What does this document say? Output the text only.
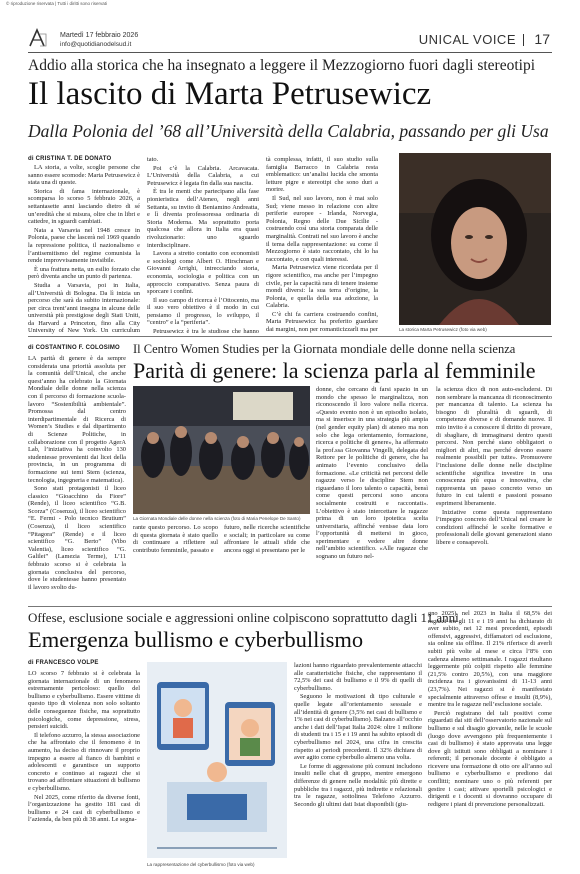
© riproduzione riservata | Tutti i diritti sono riservati
Martedì 17 febbraio 2026
info@quotidianodelsud.it	UNICAL VOICE 17
Addio alla storica che ha insegnato a leggere il Mezzogiorno fuori dagli stereotipi
Il lascito di Marta Petrusewicz
Dalla Polonia del ’68 all’Università della Calabria, passando per gli Usa
di CRISTINA T. DE DONATO

LA storia, a volte, scoglie persone che sanno essere scomode: Marta Petrusewicz è stata una di queste.

Storica di fama internazionale, è scomparsa lo scorso 5 febbraio 2026, a settantasette anni lasciando dietro di sé un’eredità che si misura, oltre che in libri e cattedre, in sguardi cambiati.

Nata a Varsavia nel 1948 cresce in Polonia, paese che lascerà nel 1969 quando la repressione politica, il nazionalismo e l’antisemitismo del regime comunista la rende improvvisamente invisibile.

È una frattura netta, un esilio forzato che però diventa anche un punto di partenza.

Studia a Varsavia, poi in Italia, all’Università di Bologna. Da lì inizia un percorso che sarà da subito internazionale: per circa trent’anni insegna in alcune delle università più prestigiose degli Stati Uniti, da Harvard a Princeton, fino alla City University of New York. Un curriculum

tato.

Poi c’è la Calabria. Arcavacata. L’Università della Calabria, a cui Petrusewicz è legata fin dalla sua nascita.

È tra le menti che partecipano alla fase pionieristica dell’Ateneo, negli anni Settanta, su invito di Beniamino Andreatta, e lì diventa professoressa ordinaria di Storia Moderna. Ma soprattutto porta qualcosa che allora in Italia era quasi rivoluzionario: uno sguardo interdisciplinare.

Lavora a stretto contatto con economisti e sociologi come Albert O. Hirschman e Giovanni Arrighi, intrecciando storia, economia, sociologia e politica con un approccio comparativo. Senza paura di sporcare i confini.

Il suo campo di ricerca è l’Ottocento, ma il suo vero obiettivo è il modo in cui pensiamo il progresso, lo sviluppo, il “centro” e la “periferia”.

Petrusewicz è tra le studiose che hanno

tà complessa, infatti, il suo studio sulla famiglia Barracco in Calabria resta emblematico: un’analisi lucida che smonta letture pigre e stereotipi che sono duri a morire.

Il Sud, nel suo lavoro, non è mai solo Sud; viene messo in relazione con altre periferie europee - Irlanda, Norvegia, Polonia, Regno delle Due Sicilie - costruendo così una storia comparata delle marginalità. Contrati nel suo lavoro è anche il tema della rappresentazione: su come il Mezzogiorno è stato raccontato, chi lo ha raccontato, e con quali interessi.

Marta Petrusewicz viene ricordata per il rigore scientifico, ma anche per l’impegno civile, per la capacità rara di tenere insieme mondi diversi: la sua terra d’origine, la Polonia, e quella della sua adozione, la Calabria.

C’è chi fa carriera costruendo confini, Marta Petrusewicz ha preferito guardare dai margini, non per romanticizzarli ma per	La storica Marta Petrusewicz (foto via web)
di COSTANTINO F. COLOSIMO Il Centro Women Studies per la Giornata mondiale delle donne nella scienza
Parità di genere: la scienza parla al femminile

LA parità di genere è da sempre considerata una priorità assoluta per la comunità dell’Unical, che anche quest’anno ha celebrato la Giornata Mondiale delle donne nella scienza con il percorso di formazione scuola-lavoro “Sostenibilità ambientale”. Promossa dal centro interdipartimentale di Ricerca di Women’s Studies e dal dipartimento di Scienze Politiche, in collaborazione con il progetto AgerA Lab, l’iniziativa ha coinvolto 130 studentesse provenienti dai licei della provincia, in un programma di formazione sui temi Stem (scienza, tecnologia, ingegneria e matematica).

Sono stati protagonisti il liceo classico “Gioacchino da Fiore” (Rende), il liceo scientifico “G.B. Scorza” (Cosenza), il liceo scientifico “E. Fermi - Polo tecnico Brutium” (Cosenza), il liceo scientifico “Pitagora” (Rende) e il liceo scientifico “G. Berto” (Vibo Valentia), liceo scientifico “G. Galilei” (Lamezia Terme), L’11 febbraio scorso si è celebrata la giornata conclusiva del percorso, dove le studentesse hanno presentato il lavoro svolto du-

La Giornata Mondiale delle donne nella scienza (foto di Maria Penelope De Santo)

rante questo percorso. Lo scopo di questa giornata è stato quello di continuare a riflettere sul contributo femminile, passato e

futuro, nelle ricerche scientifiche e sociali; in particolare su come affrontare le attuali sfide che ancora oggi si presentano per le

donne, che cercano di farsi spazio in un mondo che spesso le marginalizza, non riconoscendo il loro valore nella ricerca. «Questo evento non è un episodio isolato, ma si inserisce in una strategia più ampia (nel gender equity plan) di ateneo ma non solo che lega orientamento, formazione, ricerca e politiche di genere», ha affermato la prof.ssa Giovanna Vingelli, delegata del Rettore per le politiche di genere, che ha animato l’evento conclusivo della formazione. «Le criticità nei percorsi delle ragazze verso le discipline Stem non riguardano il loro talento o capacità, bensì come questi percorsi sono ancora socialmente costruiti e raccontati». L’obiettivo è stato intercettare le ragazze prima di un loro ipotetica scelta universitaria, affinché venisse data loro l’opportunità di mettersi in gioco, sperimentare e vedere altre donne nell’ambito scientifico. «Alle ragazze che sognano un futuro nel-

la scienza dico di non auto-escludersi. Di non sembrare la mancanza di riconoscimento per mancanza di talento. La scienza ha bisogno di pluralità di sguardi, di competenze diverse e di domande nuove. Il mio invito è a conoscere il diritto di provare, di sbagliare, di immaginarsi dentro questi percorsi. Non perché siano obbligatori o migliori di altri, ma perché devono essere realmente possibili per tutte». Promuovere l’inclusione delle donne nelle discipline scientifiche significa investire in una conoscenza più equa e innovativa, che rappresenta un passo concreto verso un futuro in cui talenti e passioni possano esprimersi liberamente.

Iniziative come questa rappresentano l’impegno concreto dell’Unical nel creare le condizioni affinché le scelte formative e professionali delle giovani generazioni siano libere e consapevoli.

Offese, esclusione sociale e aggressioni online colpiscono soprattutto dagli 11 anni
Emergenza bullismo e cyberbullismo
di FRANCESCO VOLPE

LO scorso 7 febbraio si è celebrata la giornata internazionale di un fenomeno estremamente pericoloso: quello del bullismo e cyberbullismo. Essere vittime di questo tipo di violenza non solo soltanto delle conseguenze fisiche, ma soprattutto psicologiche, come depressione, stress, pensieri suicidi.

Il telefono azzurro, la stessa associazione che ha affrontato che il fenomeno è in aumento, ha deciso di rinnovare il proprio impegno a essere al fianco di bambini e adolescenti e garantisce un supporto concreto e continuo ai ragazzi che si trovano ad affrontare situazioni di bullismo e cyberbullismo.

Nel 2025, come riferito da diverse fonti, l’organizzazione ha gestito 181 casi di bullismo e 24 casi di cyberbullismo e l’azienda, da ben più di 38 anni. Le segna-

La rappresentazione del cyberbullismo (foto via web)

lazioni hanno riguardato prevalentemente attacchi alle caratteristiche fisiche, che rappresentano il 72,5% dei casi di bullismo e il 9% di quelli di cyberbullismo.

Seguono le motivazioni di tipo culturale e quelle legate all’orientamento sessuale e all’identità di genere (3,5% nei casi di bullismo e 1% nei casi di cyberbullismo). Balzano all’occhio anche i dati dell’Ispat Italia 2024: oltre 1 milione di studenti tra i 15 e i 19 anni ha subito episodi di cyberbullismo nel 2024, una cifra in crescita rispetto ai periodi precedenti. Il 32% dichiara di aver agito come cyberbullo almeno una volta.

Le forme di aggressione più comuni includono insulti nelle chat di gruppo, mentre emergono differenze di genere nelle modalità: più dirette e pubbliche tra i ragazzi, più indirette e relazionali tra le ragazze, sottolinea Telefono Azzurro. Secondo gli ultimi dati Istat disponibili (giu-

gno 2025), nel 2023 in Italia il 68,5% dei ragazzi tra gli 11 e i 19 anni ha dichiarato di aver subito, nei 12 mesi precedenti, episodi offensivi, aggressivi, diffamatori od esclusione, sia online sia offline. Il 21% riferisce di averli subiti più volte al mese e circa l’8% con cadenza almeno settimanale. I ragazzi risultano leggermente più colpiti rispetto alle femmine (21,5% contro 20,5%), con una maggiore incidenza tra i giovanissimi di 11-13 anni (23,7%). Nei ragazzi si è manifestato specialmente attraverso offese e insulti (8,9%), mentre tra le ragazze nell’esclusione sociale.

Perciò registrano del tali positivi come riguardati dai siti dell’osservatorio nazionale sul bullismo e sul disagio giovanile, nelle le scuole (luogo dove avvengono più frequentemente i casi di bullismo) è stato approvata una legge dove gli istituti sono obbligati a nominare i referenti; il personale docente è obbligato a ricevere una formazione di otto ore all’anno sul bullismo e cyberbullismo e prediono dai conflitti; nominare uno o più referenti per gestire i casi; attivare sportelli psicologici e dirigenti e i docenti si dovranno occupare di redigere i piani di prevenzione personalizzati.
